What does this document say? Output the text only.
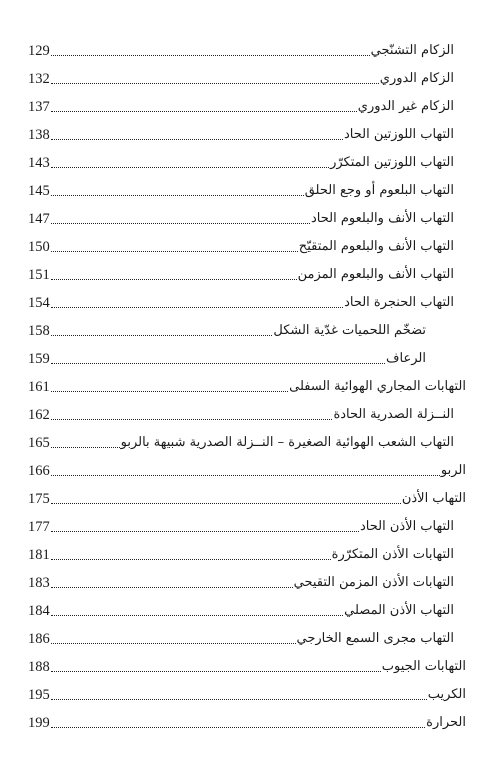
129	الزكام التشنّجي
132	الزكام الدوري
137	الزكام غير الدوري
138	التهاب اللوزتين الحاد
143	التهاب اللوزتين المتكرّر
145	التهاب البلعوم أو وجع الحلق
147	التهاب الأنف والبلعوم الحاد
150	التهاب الأنف والبلعوم المتقيّح
151	التهاب الأنف والبلعوم المزمن
154	التهاب الحنجرة الحاد
158	تضخّم اللحميات غدّية الشكل
159	الرعاف
161	التهابات المجاري الهوائية السفلى
162	النــزلة الصدرية الحادة
165	التهاب الشعب الهوائية الصغيرة – النــزلة الصدرية شبيهة بالربو
166	الربو
175	التهاب الأذن
177	التهاب الأذن الحاد
181	التهابات الأذن المتكرّرة
183	التهابات الأذن المزمن التقيحي
184	التهاب الأذن المصلي
186	التهاب مجرى السمع الخارجي
188	التهابات الجيوب
195	الكريب
199	الحرارة
